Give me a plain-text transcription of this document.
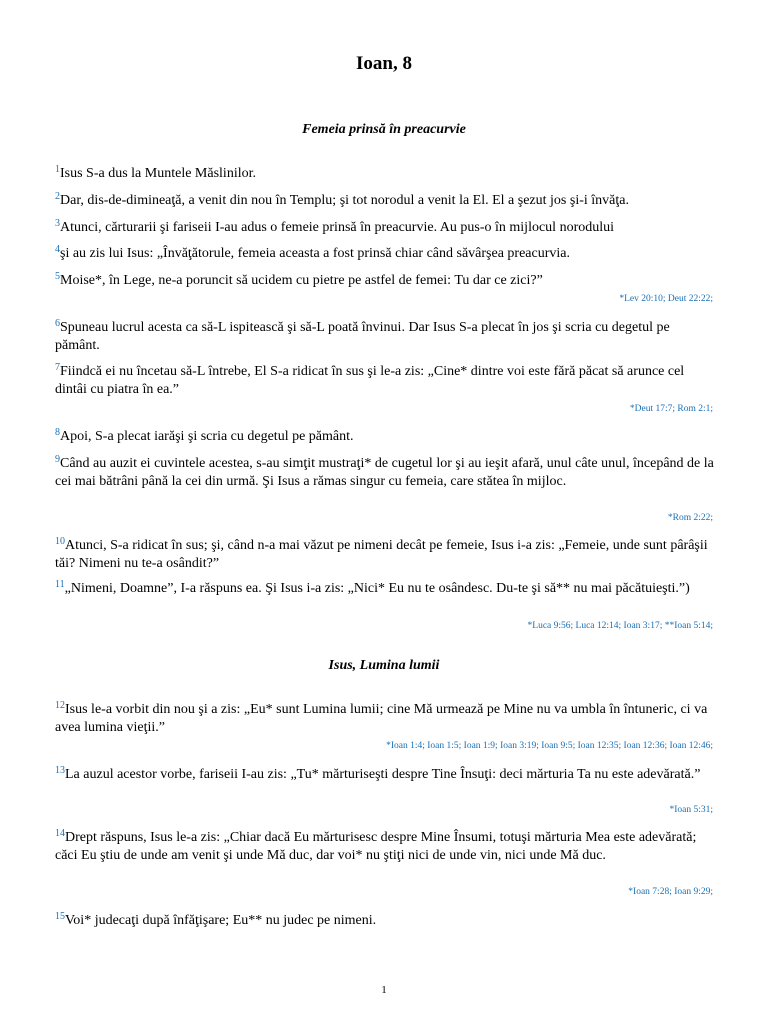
Ioan, 8
Femeia prinsă în preacurvie
$^1$Isus S-a dus la Muntele Măslinilor.
$^2$Dar, dis-de-dimineaţă, a venit din nou în Templu; şi tot norodul a venit la El. El a şezut jos şi-i învăţa.
$^3$Atunci, cărturarii şi fariseii I-au adus o femeie prinsă în preacurvie. Au pus-o în mijlocul norodului
$^4$şi au zis lui Isus: „Învăţătorule, femeia aceasta a fost prinsă chiar când săvârşea preacurvia.
$^5$Moise*, în Lege, ne-a poruncit să ucidem cu pietre pe astfel de femei: Tu dar ce zici?”
*Lev 20:10; Deut 22:22;
$^6$Spuneau lucrul acesta ca să-L ispitească şi să-L poată învinui. Dar Isus S-a plecat în jos şi scria cu degetul pe pământ.
$^7$Fiindcă ei nu încetau să-L întrebe, El S-a ridicat în sus şi le-a zis: „Cine* dintre voi este fără păcat să arunce cel dintâi cu piatra în ea.”
*Deut 17:7; Rom 2:1;
$^8$Apoi, S-a plecat iarăşi şi scria cu degetul pe pământ.
$^9$Când au auzit ei cuvintele acestea, s-au simţit mustraţi* de cugetul lor şi au ieşit afară, unul câte unul, începând de la cei mai bătrâni până la cei din urmă. Şi Isus a rămas singur cu femeia, care stătea în mijloc.
*Rom 2:22;
$^{10}$Atunci, S-a ridicat în sus; şi, când n-a mai văzut pe nimeni decât pe femeie, Isus i-a zis: „Femeie, unde sunt pârâşii tăi? Nimeni nu te-a osândit?”
$^{11}$„Nimeni, Doamne”, I-a răspuns ea. Şi Isus i-a zis: „Nici* Eu nu te osândesc. Du-te şi să** nu mai păcătuieşti.”)
*Luca 9:56; Luca 12:14; Ioan 3:17; **Ioan 5:14;
Isus, Lumina lumii
$^{12}$Isus le-a vorbit din nou şi a zis: „Eu* sunt Lumina lumii; cine Mă urmează pe Mine nu va umbla în întuneric, ci va avea lumina vieţii.”
*Ioan 1:4; Ioan 1:5; Ioan 1:9; Ioan 3:19; Ioan 9:5; Ioan 12:35; Ioan 12:36; Ioan 12:46;
$^{13}$La auzul acestor vorbe, fariseii I-au zis: „Tu* mărturiseşti despre Tine Însuţi: deci mărturia Ta nu este adevărată.”
*Ioan 5:31;
$^{14}$Drept răspuns, Isus le-a zis: „Chiar dacă Eu mărturisesc despre Mine Însumi, totuşi mărturia Mea este adevărată; căci Eu ştiu de unde am venit şi unde Mă duc, dar voi* nu ştiţi nici de unde vin, nici unde Mă duc.
*Ioan 7:28; Ioan 9:29;
$^{15}$Voi* judecaţi după înfăţişare; Eu** nu judec pe nimeni.
1
